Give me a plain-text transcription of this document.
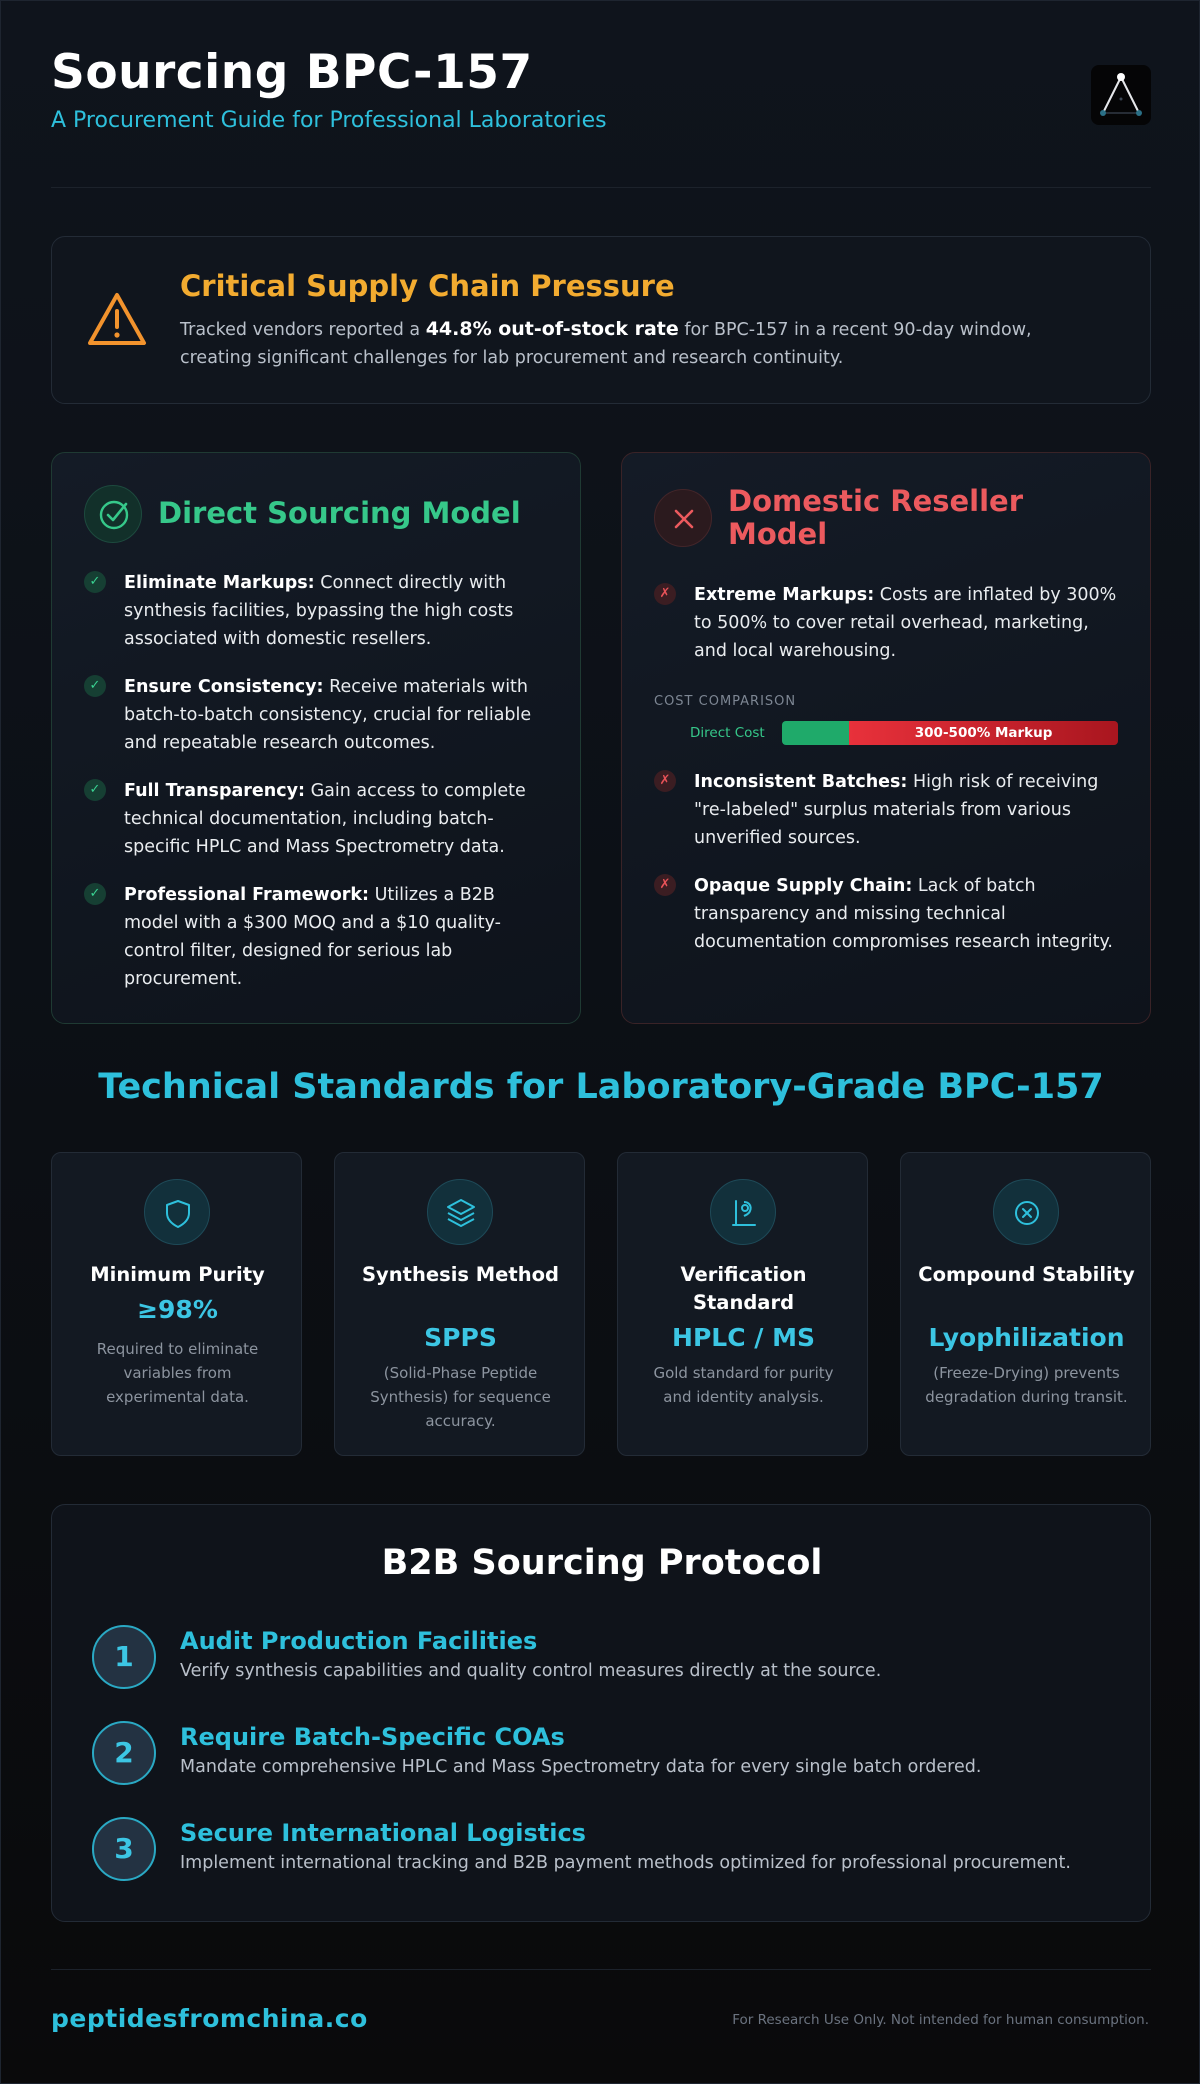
Sourcing BPC-157
A Procurement Guide for Professional Laboratories
Critical Supply Chain Pressure
Tracked vendors reported a 44.8% out-of-stock rate for BPC-157 in a recent 90-day window, creating significant challenges for lab procurement and research continuity.
Direct Sourcing Model
✓	Eliminate Markups: Connect directly with synthesis facilities, bypassing the high costs associated with domestic resellers.
✓	Ensure Consistency: Receive materials with batch-to-batch consistency, crucial for reliable and repeatable research outcomes.
✓	Full Transparency: Gain access to complete technical documentation, including batch-specific HPLC and Mass Spectrometry data.
✓	Professional Framework: Utilizes a B2B model with a $300 MOQ and a $10 quality-control filter, designed for serious lab procurement.
Domestic Reseller Model
✗	Extreme Markups: Costs are inflated by 300% to 500% to cover retail overhead, marketing, and local warehousing.
COST COMPARISON
Direct Cost	300-500% Markup
✗	Inconsistent Batches: High risk of receiving "re-labeled" surplus materials from various unverified sources.
✗	Opaque Supply Chain: Lack of batch transparency and missing technical documentation compromises research integrity.
Technical Standards for Laboratory-Grade BPC-157
Minimum Purity
≥98%
Required to eliminate variables from experimental data.
Synthesis Method
SPPS
(Solid-Phase Peptide Synthesis) for sequence accuracy.
Verification Standard
HPLC / MS
Gold standard for purity and identity analysis.
Compound Stability
Lyophilization
(Freeze-Drying) prevents degradation during transit.
B2B Sourcing Protocol
1	Audit Production Facilities
Verify synthesis capabilities and quality control measures directly at the source.
2	Require Batch-Specific COAs
Mandate comprehensive HPLC and Mass Spectrometry data for every single batch ordered.
3	Secure International Logistics
Implement international tracking and B2B payment methods optimized for professional procurement.
peptidesfromchina.co	For Research Use Only. Not intended for human consumption.
